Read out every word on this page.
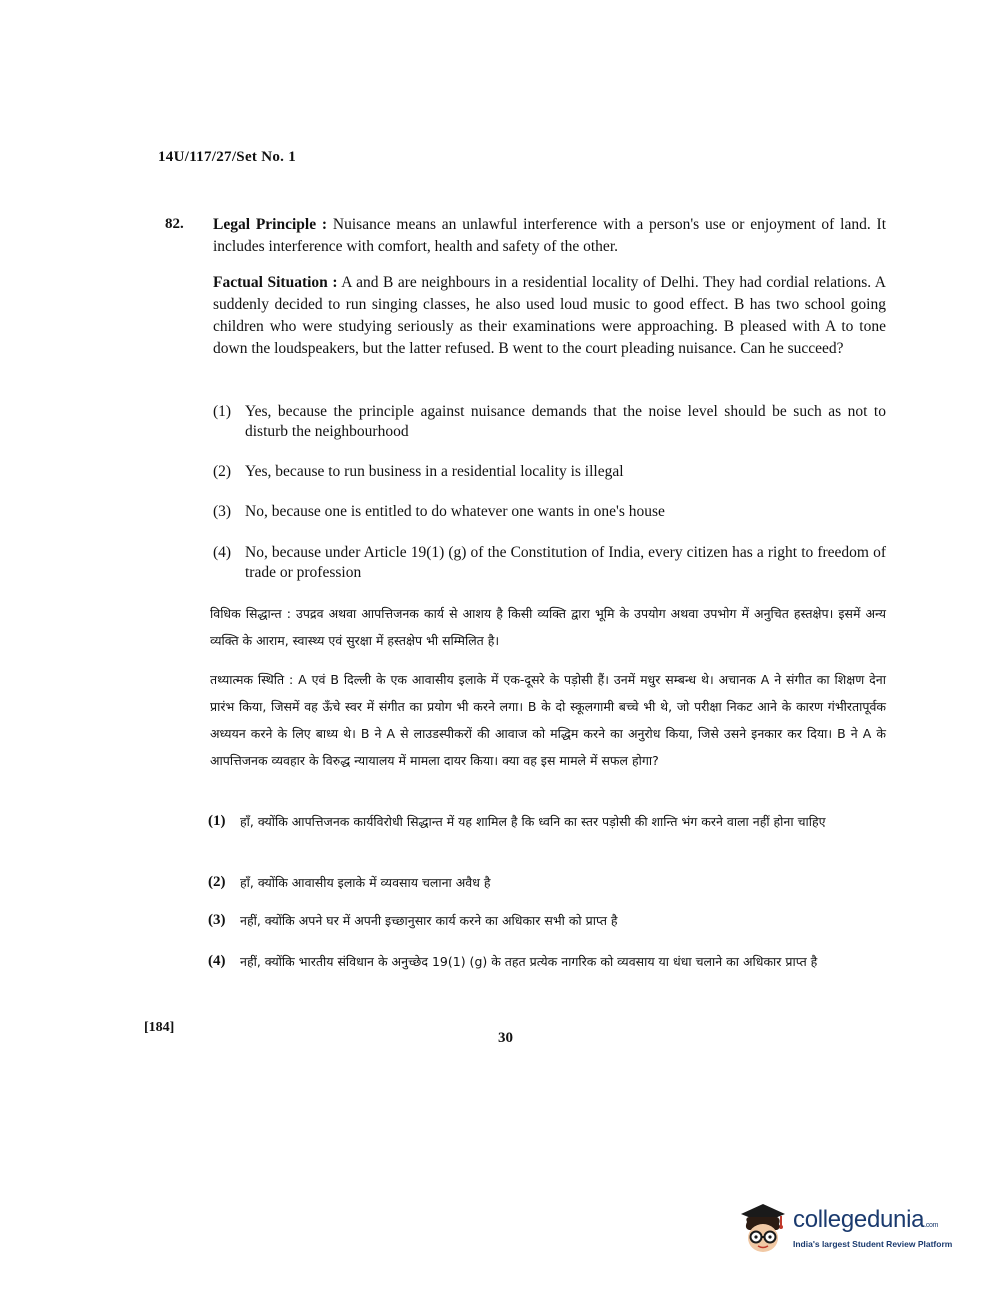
14U/117/27/Set No. 1
82. Legal Principle : Nuisance means an unlawful interference with a person's use or enjoyment of land. It includes interference with comfort, health and safety of the other.
Factual Situation : A and B are neighbours in a residential locality of Delhi. They had cordial relations. A suddenly decided to run singing classes, he also used loud music to good effect. B has two school going children who were studying seriously as their examinations were approaching. B pleased with A to tone down the loudspeakers, but the latter refused. B went to the court pleading nuisance. Can he succeed?
(1) Yes, because the principle against nuisance demands that the noise level should be such as not to disturb the neighbourhood
(2) Yes, because to run business in a residential locality is illegal
(3) No, because one is entitled to do whatever one wants in one's house
(4) No, because under Article 19(1) (g) of the Constitution of India, every citizen has a right to freedom of trade or profession
विधिक सिद्धान्त : उपद्रव अथवा आपत्तिजनक कार्य से आशय है किसी व्यक्ति द्वारा भूमि के उपयोग अथवा उपभोग में अनुचित हस्तक्षेप। इसमें अन्य व्यक्ति के आराम, स्वास्थ्य एवं सुरक्षा में हस्तक्षेप भी सम्मिलित है।
तथ्यात्मक स्थिति : A एवं B दिल्ली के एक आवासीय इलाके में एक-दूसरे के पड़ोसी हैं। उनमें मधुर सम्बन्ध थे। अचानक A ने संगीत का शिक्षण देना प्रारंभ किया, जिसमें वह ऊँचे स्वर में संगीत का प्रयोग भी करने लगा। B के दो स्कूलगामी बच्चे भी थे, जो परीक्षा निकट आने के कारण गंभीरतापूर्वक अध्ययन करने के लिए बाध्य थे। B ने A से लाउडस्पीकरों की आवाज को मद्धिम करने का अनुरोध किया, जिसे उसने इनकार कर दिया। B ने A के आपत्तिजनक व्यवहार के विरुद्ध न्यायालय में मामला दायर किया। क्या वह इस मामले में सफल होगा?
(1)	हाँ, क्योंकि आपत्तिजनक कार्यविरोधी सिद्धान्त में यह शामिल है कि ध्वनि का स्तर पड़ोसी की शान्ति भंग करने वाला नहीं होना चाहिए
(2)	हाँ, क्योंकि आवासीय इलाके में व्यवसाय चलाना अवैध है
(3)	नहीं, क्योंकि अपने घर में अपनी इच्छानुसार कार्य करने का अधिकार सभी को प्राप्त है
(4)	नहीं, क्योंकि भारतीय संविधान के अनुच्छेद 19(1) (g) के तहत प्रत्येक नागरिक को व्यवसाय या धंधा चलाने का अधिकार प्राप्त है
[184]
30
collegedunia.com
India's largest Student Review Platform
